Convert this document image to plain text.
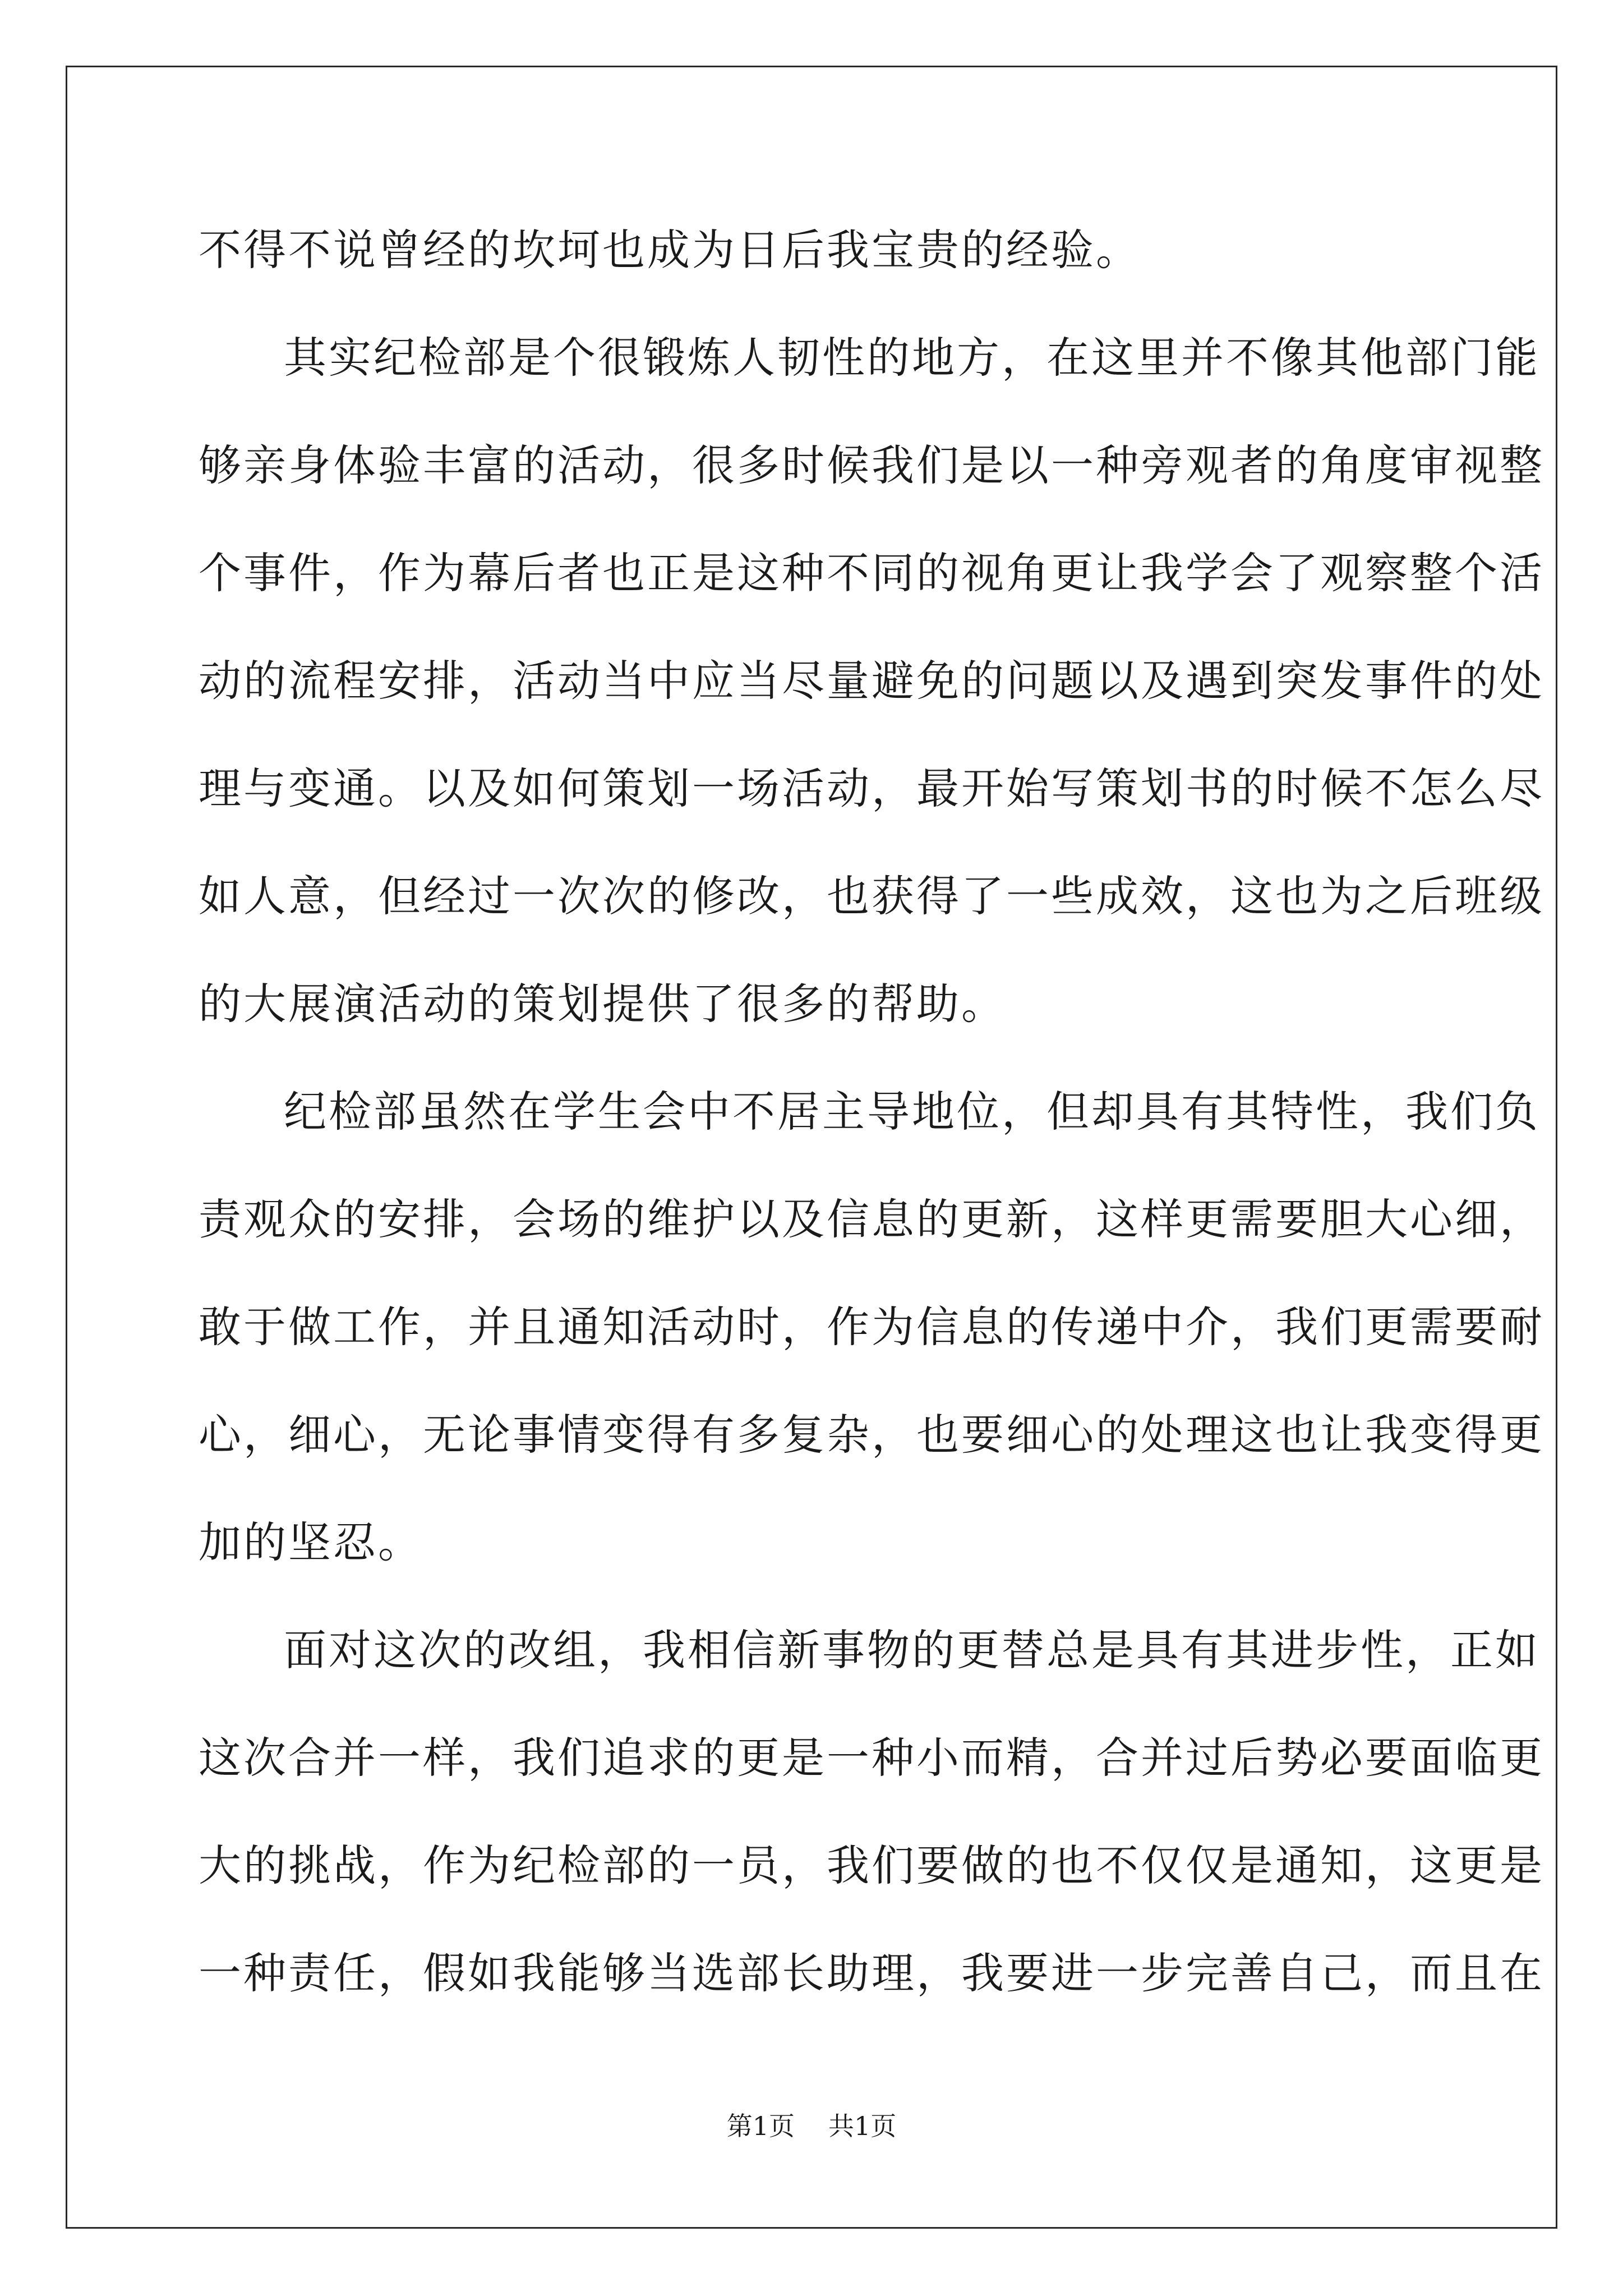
不得不说曾经的坎坷也成为日后我宝贵的经验。
其实纪检部是个很锻炼人韧性的地方，在这里并不像其他部门能
够亲身体验丰富的活动，很多时候我们是以一种旁观者的角度审视整
个事件，作为幕后者也正是这种不同的视角更让我学会了观察整个活
动的流程安排，活动当中应当尽量避免的问题以及遇到突发事件的处
理与变通。以及如何策划一场活动，最开始写策划书的时候不怎么尽
如人意，但经过一次次的修改，也获得了一些成效，这也为之后班级
的大展演活动的策划提供了很多的帮助。
纪检部虽然在学生会中不居主导地位，但却具有其特性，我们负
责观众的安排，会场的维护以及信息的更新，这样更需要胆大心细，
敢于做工作，并且通知活动时，作为信息的传递中介，我们更需要耐
心，细心，无论事情变得有多复杂，也要细心的处理这也让我变得更
加的坚忍。
面对这次的改组，我相信新事物的更替总是具有其进步性，正如
这次合并一样，我们追求的更是一种小而精，合并过后势必要面临更
大的挑战，作为纪检部的一员，我们要做的也不仅仅是通知，这更是
一种责任，假如我能够当选部长助理，我要进一步完善自己，而且在
第1页 共1页
